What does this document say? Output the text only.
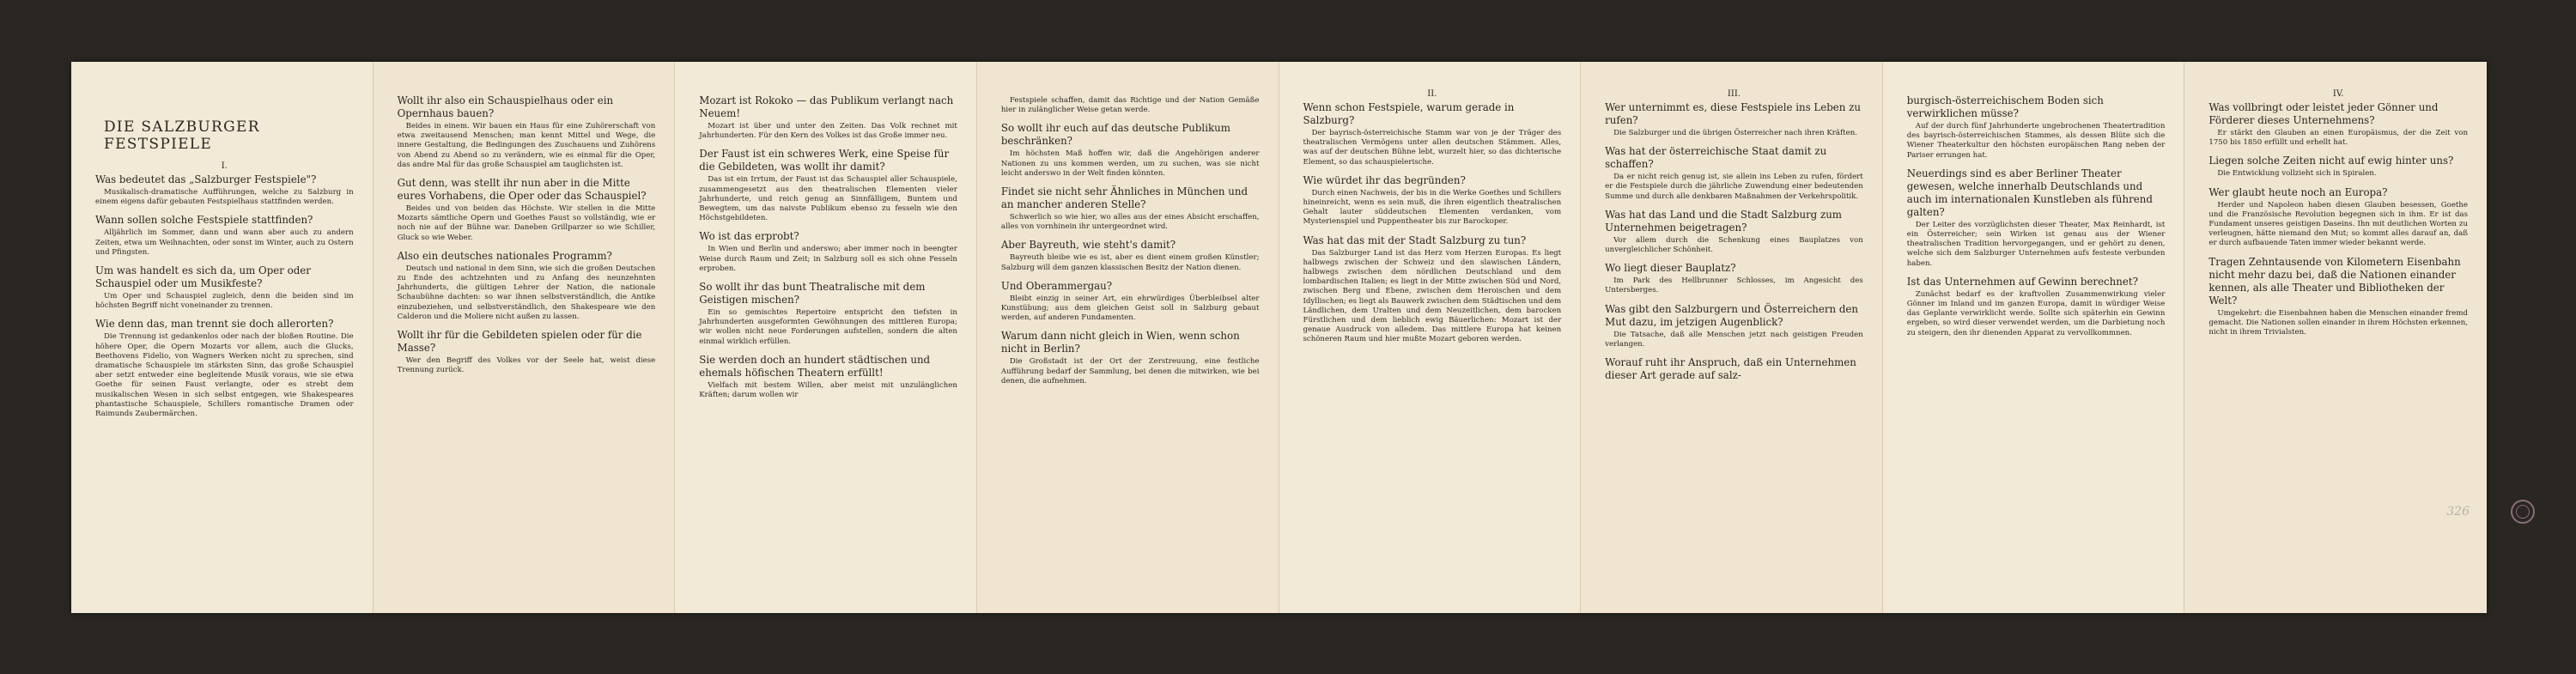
DIE SALZBURGER FESTSPIELE
I.

Was bedeutet das „Salzburger Festspiele"?

Musikalisch-dramatische Aufführungen, welche zu Salzburg in einem eigens dafür gebauten Festspielhaus stattfinden werden.

Wann sollen solche Festspiele stattfinden?

Alljährlich im Sommer, dann und wann aber auch zu andern Zeiten, etwa um Weihnachten, oder sonst im Winter, auch zu Ostern und Pfingsten.

Um was handelt es sich da, um Oper oder Schauspiel oder um Musikfeste?

Um Oper und Schauspiel zugleich, denn die beiden sind im höchsten Begriff nicht voneinander zu trennen.

Wie denn das, man trennt sie doch allerorten?

Die Trennung ist gedankenlos oder nach der bloßen Routine. Die höhere Oper, die Opern Mozarts vor allem, auch die Glucks, Beethovens Fidelio, von Wagners Werken nicht zu sprechen, sind dramatische Schauspiele im stärksten Sinn, das große Schauspiel aber setzt entweder eine begleitende Musik voraus, wie sie etwa Goethe für seinen Faust verlangte, oder es strebt dem musikalischen Wesen in sich selbst entgegen, wie Shakespeares phantastische Schauspiele, Schillers romantische Dramen oder Raimunds Zaubermärchen.

Wollt ihr also ein Schauspielhaus oder ein Opernhaus bauen?

Beides in einem. Wir bauen ein Haus für eine Zuhörerschaft von etwa zweitausend Menschen; man kennt Mittel und Wege, die innere Gestaltung, die Bedingungen des Zuschauens und Zuhörens von Abend zu Abend so zu verändern, wie es einmal für die Oper, das andre Mal für das große Schauspiel am tauglichsten ist.

Gut denn, was stellt ihr nun aber in die Mitte eures Vorhabens, die Oper oder das Schauspiel?

Beides und von beiden das Höchste. Wir stellen in die Mitte Mozarts sämtliche Opern und Goethes Faust so vollständig, wie er noch nie auf der Bühne war. Daneben Grillparzer so wie Schiller, Gluck so wie Weber.

Also ein deutsches nationales Programm?

Deutsch und national in dem Sinn, wie sich die großen Deutschen zu Ende des achtzehnten und zu Anfang des neunzehnten Jahrhunderts, die gültigen Lehrer der Nation, die nationale Schaubühne dachten: so war ihnen selbstverständlich, die Antike einzubeziehen, und selbstverständlich, den Shakespeare wie den Calderon und die Moliere nicht außen zu lassen.

Wollt ihr für die Gebildeten spielen oder für die Masse?

Wer den Begriff des Volkes vor der Seele hat, weist diese Trennung zurück.

Mozart ist Rokoko — das Publikum verlangt nach Neuem!

Mozart ist über und unter den Zeiten. Das Volk rechnet mit Jahrhunderten. Für den Kern des Volkes ist das Große immer neu.

Der Faust ist ein schweres Werk, eine Speise für die Gebildeten, was wollt ihr damit?

Das ist ein Irrtum, der Faust ist das Schauspiel aller Schauspiele, zusammengesetzt aus den theatralischen Elementen vieler Jahrhunderte, und reich genug an Sinnfälligem, Buntem und Bewegtem, um das naivste Publikum ebenso zu fesseln wie den Höchstgebildeten.

Wo ist das erprobt?

In Wien und Berlin und anderswo; aber immer noch in beengter Weise durch Raum und Zeit; in Salzburg soll es sich ohne Fesseln erproben.

So wollt ihr das bunt Theatralische mit dem Geistigen mischen?

Ein so gemischtes Repertoire entspricht den tiefsten in Jahrhunderten ausgeformten Gewöhnungen des mittleren Europa; wir wollen nicht neue Forderungen aufstellen, sondern die alten einmal wirklich erfüllen.

Sie werden doch an hundert städtischen und ehemals höfischen Theatern erfüllt!

Vielfach mit bestem Willen, aber meist mit unzulänglichen Kräften; darum wollen wir

Festspiele schaffen, damit das Richtige und der Nation Gemäße hier in zulänglicher Weise getan werde.

So wollt ihr euch auf das deutsche Publikum beschränken?

Im höchsten Maß hoffen wir, daß die Angehörigen anderer Nationen zu uns kommen werden, um zu suchen, was sie nicht leicht anderswo in der Welt finden könnten.

Findet sie nicht sehr Ähnliches in München und an mancher anderen Stelle?

Schwerlich so wie hier, wo alles aus der eines Absicht erschaffen, alles von vornhinein ihr untergeordnet wird.

Aber Bayreuth, wie steht's damit?

Bayreuth bleibe wie es ist, aber es dient einem großen Künstler; Salzburg will dem ganzen klassischen Besitz der Nation dienen.

Und Oberammergau?

Bleibt einzig in seiner Art, ein ehrwürdiges Überbleibsel alter Kunstübung; aus dem gleichen Geist soll in Salzburg gebaut werden, auf anderen Fundamenten.

Warum dann nicht gleich in Wien, wenn schon nicht in Berlin?

Die Großstadt ist der Ort der Zerstreuung, eine festliche Aufführung bedarf der Sammlung, bei denen die mitwirken, wie bei denen, die aufnehmen.

II.

Wenn schon Festspiele, warum gerade in Salzburg?

Der bayrisch-österreichische Stamm war von je der Träger des theatralischen Vermögens unter allen deutschen Stämmen. Alles, was auf der deutschen Bühne lebt, wurzelt hier, so das dichterische Element, so das schauspielerische.

Wie würdet ihr das begründen?

Durch einen Nachweis, der bis in die Werke Goethes und Schillers hineinreicht, wenn es sein muß, die ihren eigentlich theatralischen Gehalt lauter süddeutschen Elementen verdanken, vom Mysterienspiel und Puppentheater bis zur Barockoper.

Was hat das mit der Stadt Salzburg zu tun?

Das Salzburger Land ist das Herz vom Herzen Europas. Es liegt halbwegs zwischen der Schweiz und den slawischen Ländern, halbwegs zwischen dem nördlichen Deutschland und dem lombardischen Italien; es liegt in der Mitte zwischen Süd und Nord, zwischen Berg und Ebene, zwischen dem Heroischen und dem Idyllischen; es liegt als Bauwerk zwischen dem Städtischen und dem Ländlichen, dem Uralten und dem Neuzeitlichen, dem barocken Fürstlichen und dem lieblich ewig Bäuerlichen: Mozart ist der genaue Ausdruck von alledem. Das mittlere Europa hat keinen schöneren Raum und hier mußte Mozart geboren werden.

III.

Wer unternimmt es, diese Festspiele ins Leben zu rufen?

Die Salzburger und die übrigen Österreicher nach ihren Kräften.

Was hat der österreichische Staat damit zu schaffen?

Da er nicht reich genug ist, sie allein ins Leben zu rufen, fördert er die Festspiele durch die jährliche Zuwendung einer bedeutenden Summe und durch alle denkbaren Maßnahmen der Verkehrspolitik.

Was hat das Land und die Stadt Salzburg zum Unternehmen beigetragen?

Vor allem durch die Schenkung eines Bauplatzes von unvergleichlicher Schönheit.

Wo liegt dieser Bauplatz?

Im Park des Hellbrunner Schlosses, im Angesicht des Untersberges.

Was gibt den Salzburgern und Österreichern den Mut dazu, im jetzigen Augenblick?

Die Tatsache, daß alle Menschen jetzt nach geistigen Freuden verlangen.

Worauf ruht ihr Anspruch, daß ein Unternehmen dieser Art gerade auf salz-

burgisch-österreichischem Boden sich verwirklichen müsse?

Auf der durch fünf Jahrhunderte ungebrochenen Theatertradition des bayrisch-österreichischen Stammes, als dessen Blüte sich die Wiener Theaterkultur den höchsten europäischen Rang neben der Pariser errungen hat.

Neuerdings sind es aber Berliner Theater gewesen, welche innerhalb Deutschlands und auch im internationalen Kunstleben als führend galten?

Der Leiter des vorzüglichsten dieser Theater, Max Reinhardt, ist ein Österreicher; sein Wirken ist genau aus der Wiener theatralischen Tradition hervorgegangen, und er gehört zu denen, welche sich dem Salzburger Unternehmen aufs festeste verbunden haben.

Ist das Unternehmen auf Gewinn berechnet?

Zunächst bedarf es der kraftvollen Zusammenwirkung vieler Gönner im Inland und im ganzen Europa, damit in würdiger Weise das Geplante verwirklicht werde. Sollte sich späterhin ein Gewinn ergeben, so wird dieser verwendet werden, um die Darbietung noch zu steigern, den ihr dienenden Apparat zu vervollkommnen.

IV.

Was vollbringt oder leistet jeder Gönner und Förderer dieses Unternehmens?

Er stärkt den Glauben an einen Europäismus, der die Zeit von 1750 bis 1850 erfüllt und erhellt hat.

Liegen solche Zeiten nicht auf ewig hinter uns?

Die Entwicklung vollzieht sich in Spiralen.

Wer glaubt heute noch an Europa?

Herder und Napoleon haben diesen Glauben besessen, Goethe und die Französische Revolution begegnen sich in ihm. Er ist das Fundament unseres geistigen Daseins. Ihn mit deutlichen Worten zu verleugnen, hätte niemand den Mut; so kommt alles darauf an, daß er durch aufbauende Taten immer wieder bekannt werde.

Tragen Zehntausende von Kilometern Eisenbahn nicht mehr dazu bei, daß die Nationen einander kennen, als alle Theater und Bibliotheken der Welt?

Umgekehrt: die Eisenbahnen haben die Menschen einander fremd gemacht. Die Nationen sollen einander in ihrem Höchsten erkennen, nicht in ihrem Trivialsten.

326
